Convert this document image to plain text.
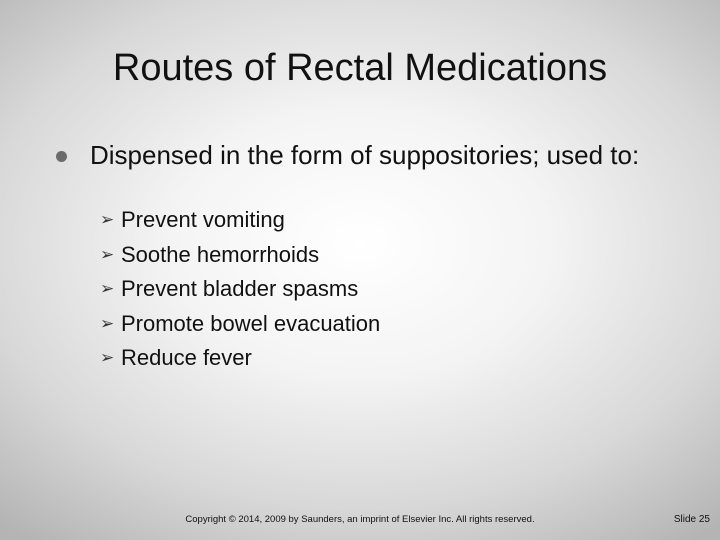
Routes of Rectal Medications
Dispensed in the form of suppositories; used to:
➢ Prevent vomiting
➢ Soothe hemorrhoids
➢ Prevent bladder spasms
➢ Promote bowel evacuation
➢ Reduce fever
Copyright © 2014, 2009 by Saunders, an imprint of Elsevier Inc. All rights reserved.	Slide 25
